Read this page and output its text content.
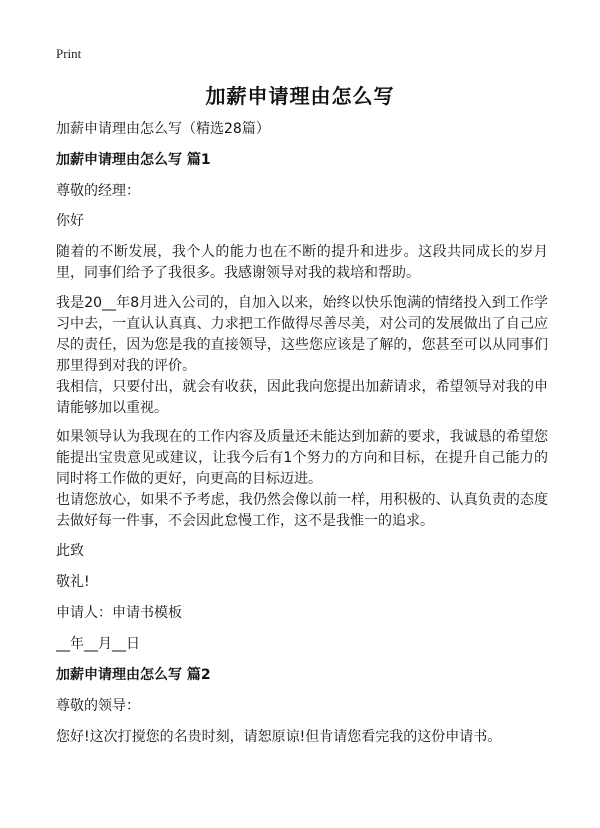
Print
加薪申请理由怎么写

加薪申请理由怎么写（精选28篇）

加薪申请理由怎么写 篇1

尊敬的经理：

你好

随着的不断发展，我个人的能力也在不断的提升和进步。这段共同成长的岁月里，同事们给予了我很多。我感谢领导对我的栽培和帮助。

我是20__年8月进入公司的，自加入以来，始终以快乐饱满的情绪投入到工作学习中去，一直认认真真、力求把工作做得尽善尽美，对公司的发展做出了自己应尽的责任，因为您是我的直接领导，这些您应该是了解的，您甚至可以从同事们那里得到对我的评价。

我相信，只要付出，就会有收获，因此我向您提出加薪请求，希望领导对我的申请能够加以重视。

如果领导认为我现在的工作内容及质量还未能达到加薪的要求，我诚恳的希望您能提出宝贵意见或建议，让我今后有1个努力的方向和目标，在提升自己能力的同时将工作做的更好，向更高的目标迈进。

也请您放心，如果不予考虑，我仍然会像以前一样，用积极的、认真负责的态度去做好每一件事，不会因此怠慢工作，这不是我惟一的追求。

此致

敬礼!

申请人：申请书模板

__年__月__日

加薪申请理由怎么写 篇2

尊敬的领导：

您好!这次打搅您的名贵时刻，请恕原谅!但肯请您看完我的这份申请书。
